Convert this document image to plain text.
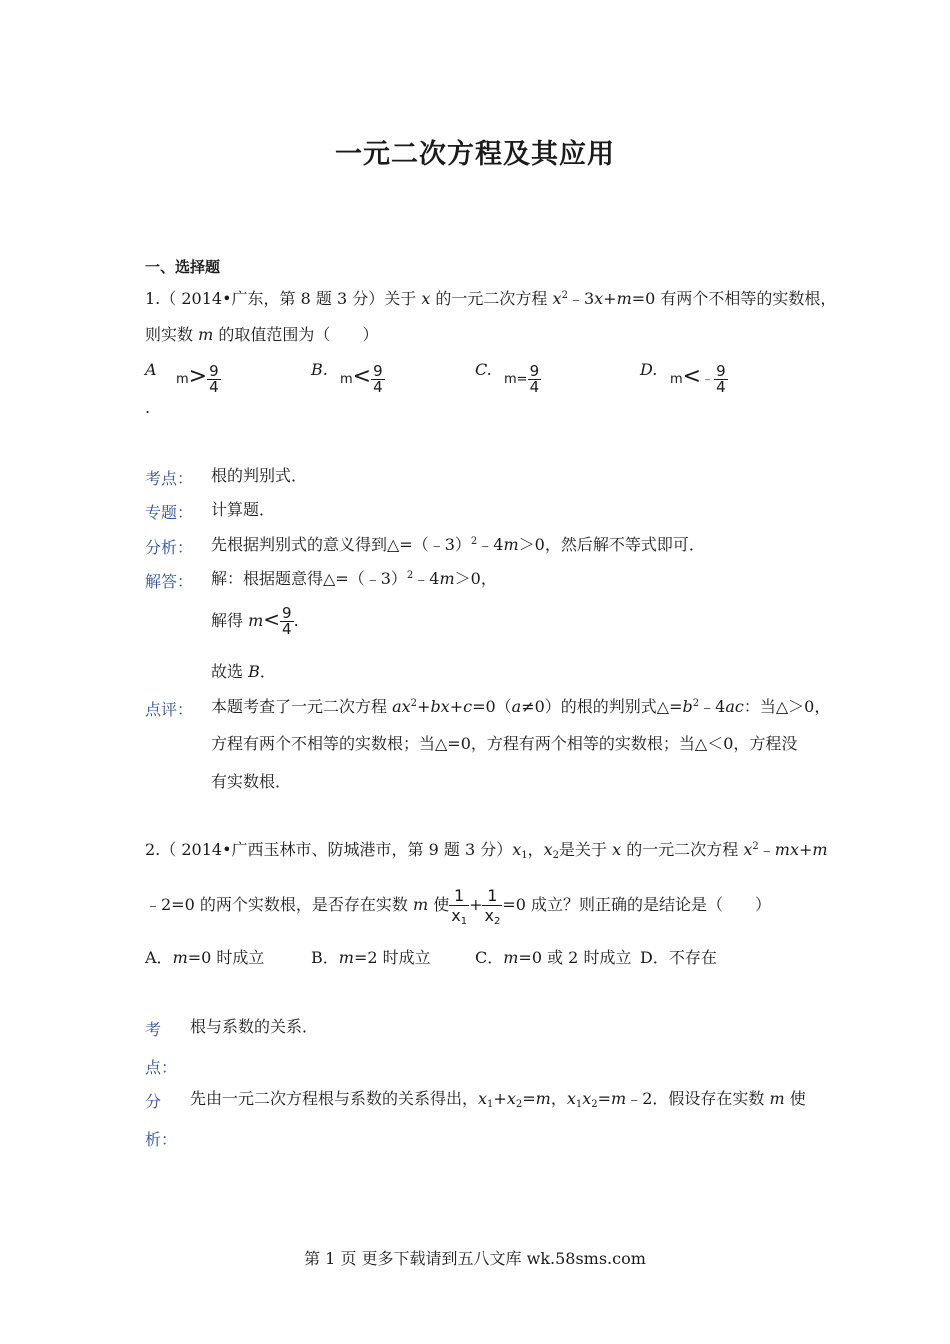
一元二次方程及其应用
一、选择题
1.（ 2014•广东，第 8 题 3 分）关于 x 的一元二次方程 $x^2﹣3x+m=0$ 有两个不相等的实数根，
则实数 m 的取值范围为（　　）
A
.
$m> \frac{9}{4}$	B.
$m< \frac{9}{4}$	C.
$m= \frac{9}{4}$	D.
m<﹣ $\frac{9}{4}$
考点： 根的判别式．
专题： 计算题．
分析： 先根据判别式的意义得到△=（﹣3）$^2$﹣4m＞0，然后解不等式即可．
解答： 解：根据题意得△=（﹣3）$^2$﹣4m＞0，
解得 $m< \frac{9}{4}$ .
故选 B．
点评： 本题考查了一元二次方程 $ax^2+bx+c=0(a\ne 0)$的根的判别式$\triangle=b^2﹣4ac$：当△＞0，
方程有两个不相等的实数根；当△=0，方程有两个相等的实数根；当△＜0，方程没
有实数根．
2.（ 2014•广西玉林市、防城港市，第 9 题 3 分）$x_1$，$x_2$是关于 x 的一元二次方程 $x^2﹣mx+m$
﹣2=0 的两个实数根，是否存在实数 m 使 $\frac{1}{x_1} + \frac{1}{x_2} =0$ 成立？则正确的是结论是（　　）
A．m=0 时成立	B．m=2 时成立	C．m=0 或 2 时成立 D．不存在
考
点：
根与系数的关系．
分
析：
先由一元二次方程根与系数的关系得出，$x_1+x_2=m$，$x_1x_2=m﹣2$．假设存在实数 m 使
第 1 页 更多下载请到五八文库 wk.58sms.com
